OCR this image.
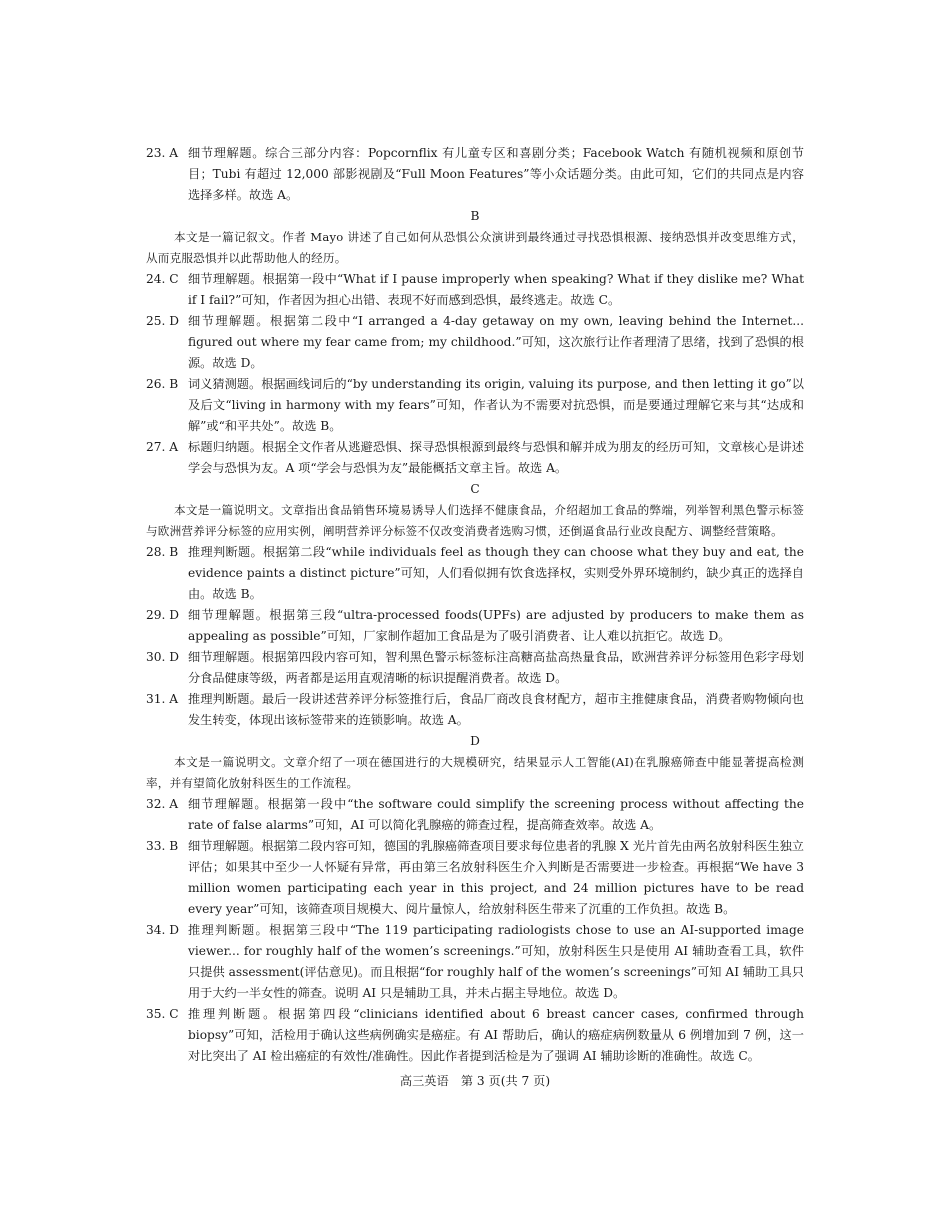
23. A 细节理解题。综合三部分内容：Popcornflix 有儿童专区和喜剧分类；Facebook Watch 有随机视频和原创节目；Tubi 有超过 12,000 部影视剧及“Full Moon Features”等小众话题分类。由此可知，它们的共同点是内容选择多样。故选 A。
B
本文是一篇记叙文。作者 Mayo 讲述了自己如何从恐惧公众演讲到最终通过寻找恐惧根源、接纳恐惧并改变思维方式，从而克服恐惧并以此帮助他人的经历。
24. C 细节理解题。根据第一段中“What if I pause improperly when speaking? What if they dislike me? What if I fail?”可知，作者因为担心出错、表现不好而感到恐惧，最终逃走。故选 C。
25. D 细节理解题。根据第二段中“I arranged a 4-day getaway on my own, leaving behind the Internet... figured out where my fear came from; my childhood.”可知，这次旅行让作者理清了思绪，找到了恐惧的根源。故选 D。
26. B 词义猜测题。根据画线词后的“by understanding its origin, valuing its purpose, and then letting it go”以及后文“living in harmony with my fears”可知，作者认为不需要对抗恐惧，而是要通过理解它来与其“达成和解”或“和平共处”。故选 B。
27. A 标题归纳题。根据全文作者从逃避恐惧、探寻恐惧根源到最终与恐惧和解并成为朋友的经历可知，文章核心是讲述学会与恐惧为友。A 项“学会与恐惧为友”最能概括文章主旨。故选 A。
C
本文是一篇说明文。文章指出食品销售环境易诱导人们选择不健康食品，介绍超加工食品的弊端，列举智利黑色警示标签与欧洲营养评分标签的应用实例，阐明营养评分标签不仅改变消费者选购习惯，还倒逼食品行业改良配方、调整经营策略。
28. B 推理判断题。根据第二段“while individuals feel as though they can choose what they buy and eat, the evidence paints a distinct picture”可知，人们看似拥有饮食选择权，实则受外界环境制约，缺少真正的选择自由。故选 B。
29. D 细节理解题。根据第三段“ultra-processed foods(UPFs) are adjusted by producers to make them as appealing as possible”可知，厂家制作超加工食品是为了吸引消费者、让人难以抗拒它。故选 D。
30. D 细节理解题。根据第四段内容可知，智利黑色警示标签标注高糖高盐高热量食品，欧洲营养评分标签用色彩字母划分食品健康等级，两者都是运用直观清晰的标识提醒消费者。故选 D。
31. A 推理判断题。最后一段讲述营养评分标签推行后，食品厂商改良食材配方，超市主推健康食品，消费者购物倾向也发生转变，体现出该标签带来的连锁影响。故选 A。
D
本文是一篇说明文。文章介绍了一项在德国进行的大规模研究，结果显示人工智能(AI)在乳腺癌筛查中能显著提高检测率，并有望简化放射科医生的工作流程。
32. A 细节理解题。根据第一段中“the software could simplify the screening process without affecting the rate of false alarms”可知，AI 可以简化乳腺癌的筛查过程，提高筛查效率。故选 A。
33. B 细节理解题。根据第二段内容可知，德国的乳腺癌筛查项目要求每位患者的乳腺 X 光片首先由两名放射科医生独立评估；如果其中至少一人怀疑有异常，再由第三名放射科医生介入判断是否需要进一步检查。再根据“We have 3 million women participating each year in this project, and 24 million pictures have to be read every year”可知，该筛查项目规模大、阅片量惊人，给放射科医生带来了沉重的工作负担。故选 B。
34. D 推理判断题。根据第三段中“The 119 participating radiologists chose to use an AI-supported image viewer... for roughly half of the women’s screenings.”可知，放射科医生只是使用 AI 辅助查看工具，软件只提供 assessment(评估意见)。而且根据“for roughly half of the women’s screenings”可知 AI 辅助工具只用于大约一半女性的筛查。说明 AI 只是辅助工具，并未占据主导地位。故选 D。
35. C 推理判断题。根据第四段“clinicians identified about 6 breast cancer cases, confirmed through biopsy”可知，活检用于确认这些病例确实是癌症。有 AI 帮助后，确认的癌症病例数量从 6 例增加到 7 例，这一对比突出了 AI 检出癌症的有效性/准确性。因此作者提到活检是为了强调 AI 辅助诊断的准确性。故选 C。
高三英语　第 3 页(共 7 页)
